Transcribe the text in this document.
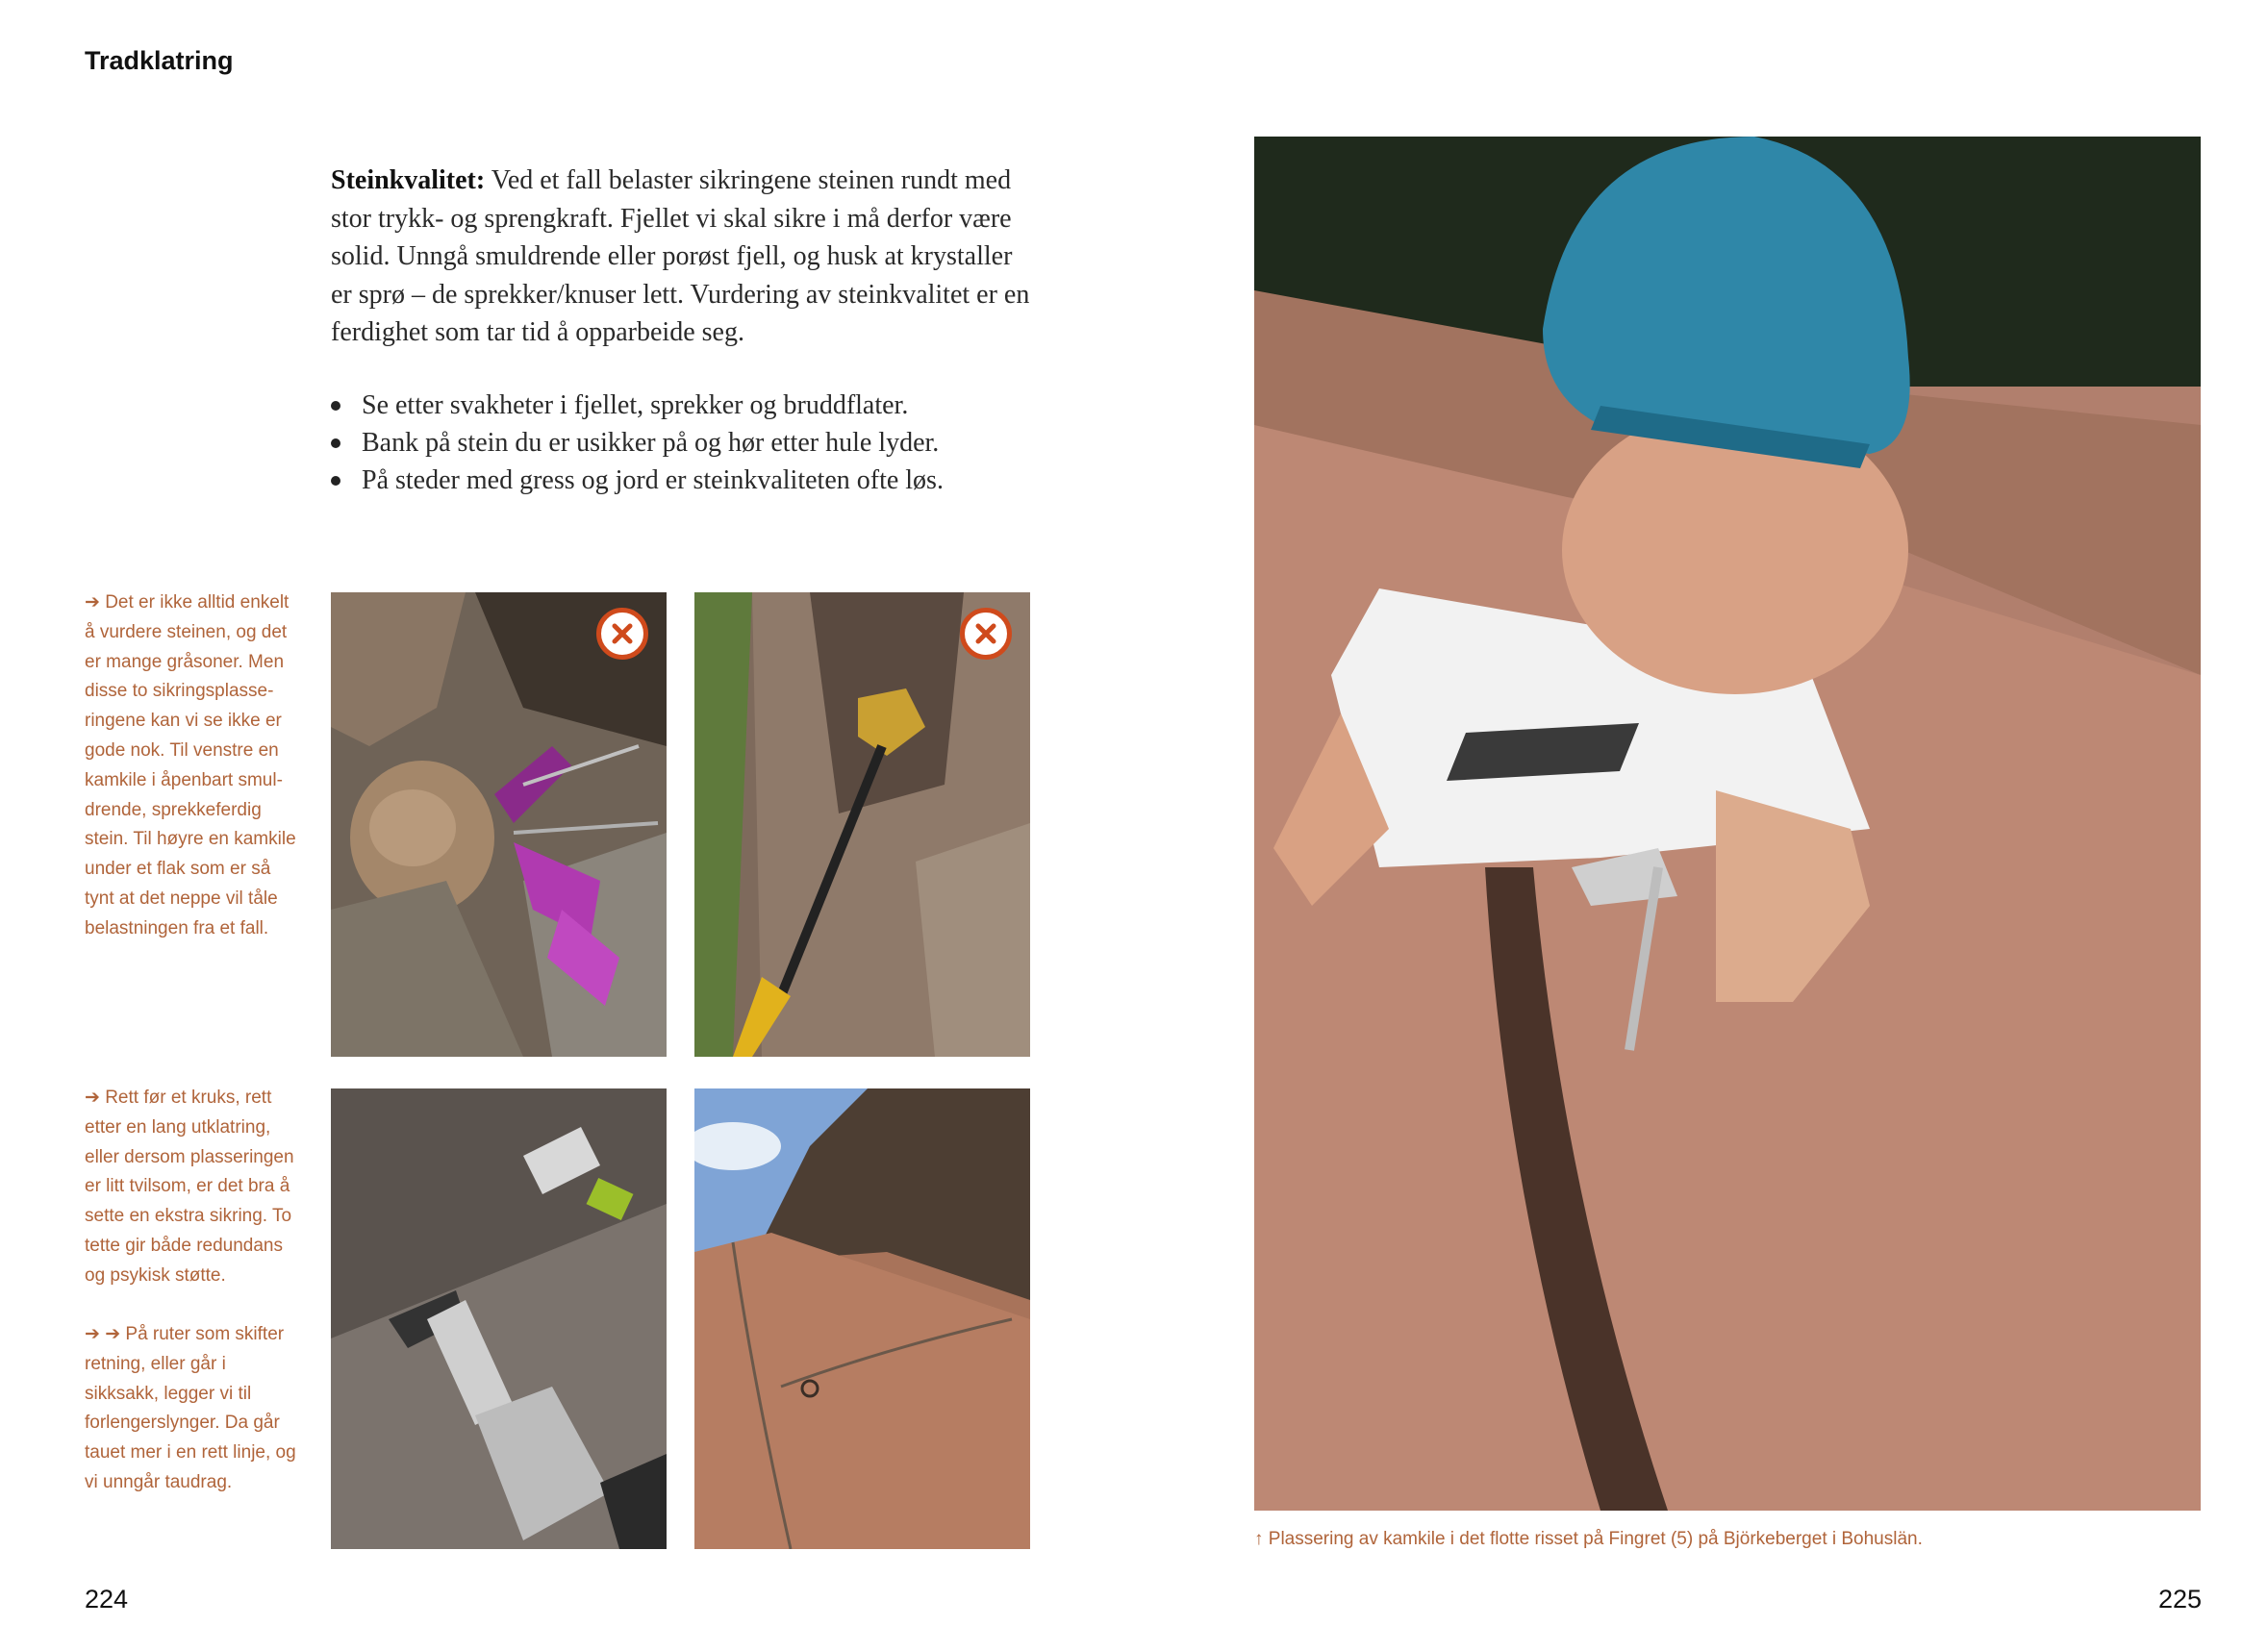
Tradklatring

Steinkvalitet: Ved et fall belaster sikringene steinen rundt med stor trykk- og sprengkraft. Fjellet vi skal sikre i må derfor være solid. Unngå smuldrende eller porøst fjell, og husk at krystaller er sprø – de sprekker/knuser lett. Vurdering av steinkvalitet er en ferdighet som tar tid å opparbeide seg.

Se etter svakheter i fjellet, sprekker og bruddflater.
Bank på stein du er usikker på og hør etter hule lyder.
På steder med gress og jord er steinkvaliteten ofte løs.

➔ Det er ikke alltid enkelt å vurdere steinen, og det er mange gråsoner. Men disse to sikringsplasse-ringene kan vi se ikke er gode nok. Til venstre en kamkile i åpenbart smul-drende, sprekkeferdig stein. Til høyre en kamkile under et flak som er så tynt at det neppe vil tåle belastningen fra et fall.

➔ Rett før et kruks, rett etter en lang utklatring, eller dersom plasseringen er litt tvilsom, er det bra å sette en ekstra sikring. To tette gir både redundans og psykisk støtte.

➔ ➔ På ruter som skifter retning, eller går i sikksakk, legger vi til forlengerslynger. Da går tauet mer i en rett linje, og vi unngår taudrag.

↑ Plassering av kamkile i det flotte risset på Fingret (5) på Björkeberget i Bohuslän.
224	225
